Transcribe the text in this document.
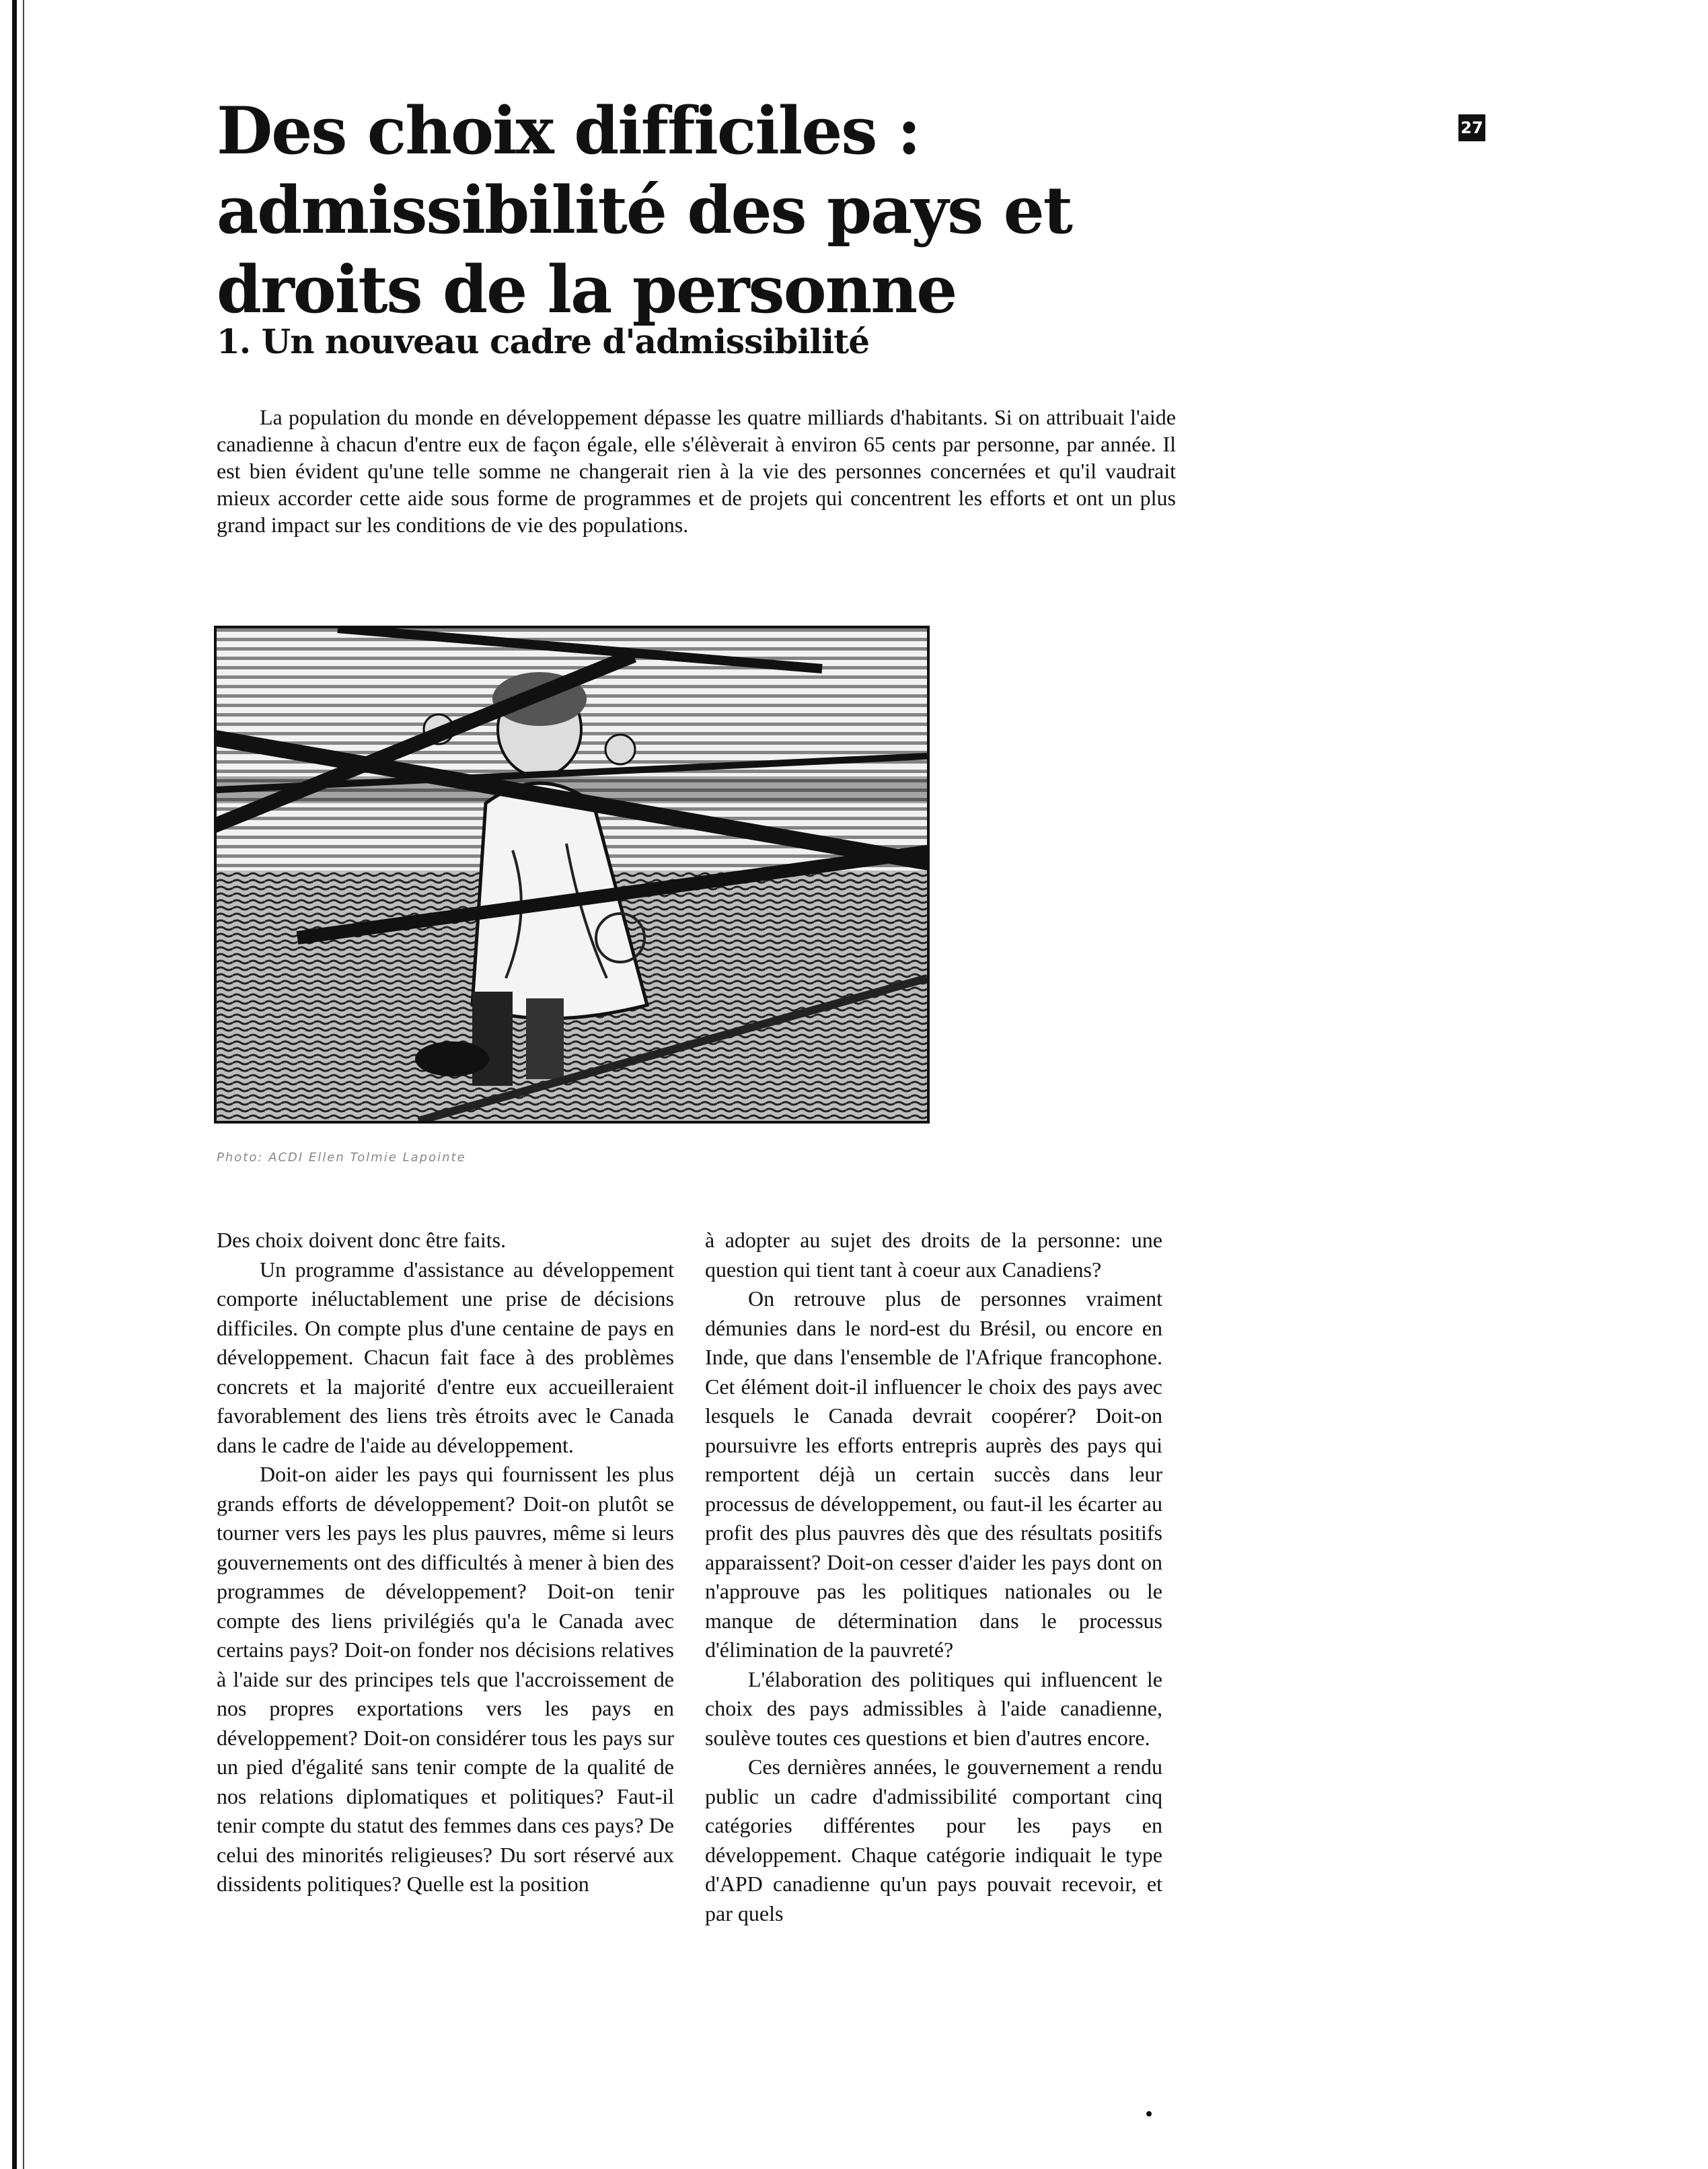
Des choix difficiles : admissibilité des pays et droits de la personne
27
1. Un nouveau cadre d'admissibilité

La population du monde en développement dépasse les quatre milliards d'habitants. Si on attribuait l'aide canadienne à chacun d'entre eux de façon égale, elle s'élèverait à environ 65 cents par personne, par année. Il est bien évident qu'une telle somme ne changerait rien à la vie des personnes concernées et qu'il vaudrait mieux accorder cette aide sous forme de programmes et de projets qui concentrent les efforts et ont un plus grand impact sur les conditions de vie des populations.

Photo: ACDI Ellen Tolmie Lapointe

Des choix doivent donc être faits.

Un programme d'assistance au développement comporte inéluctablement une prise de décisions difficiles. On compte plus d'une centaine de pays en développement. Chacun fait face à des problèmes concrets et la majorité d'entre eux accueilleraient favorablement des liens très étroits avec le Canada dans le cadre de l'aide au développement.

Doit-on aider les pays qui fournissent les plus grands efforts de développement? Doit-on plutôt se tourner vers les pays les plus pauvres, même si leurs gouvernements ont des difficultés à mener à bien des programmes de développement? Doit-on tenir compte des liens privilégiés qu'a le Canada avec certains pays? Doit-on fonder nos décisions relatives à l'aide sur des principes tels que l'accroissement de nos propres exportations vers les pays en développement? Doit-on considérer tous les pays sur un pied d'égalité sans tenir compte de la qualité de nos relations diplomatiques et politiques? Faut-il tenir compte du statut des femmes dans ces pays? De celui des minorités religieuses? Du sort réservé aux dissidents politiques? Quelle est la position

à adopter au sujet des droits de la personne: une question qui tient tant à coeur aux Canadiens?

On retrouve plus de personnes vraiment démunies dans le nord-est du Brésil, ou encore en Inde, que dans l'ensemble de l'Afrique francophone. Cet élément doit-il influencer le choix des pays avec lesquels le Canada devrait coopérer? Doit-on poursuivre les efforts entrepris auprès des pays qui remportent déjà un certain succès dans leur processus de développement, ou faut-il les écarter au profit des plus pauvres dès que des résultats positifs apparaissent? Doit-on cesser d'aider les pays dont on n'approuve pas les politiques nationales ou le manque de détermination dans le processus d'élimination de la pauvreté?

L'élaboration des politiques qui influencent le choix des pays admissibles à l'aide canadienne, soulève toutes ces questions et bien d'autres encore.

Ces dernières années, le gouvernement a rendu public un cadre d'admissibilité comportant cinq catégories différentes pour les pays en développement. Chaque catégorie indiquait le type d'APD canadienne qu'un pays pouvait recevoir, et par quels
